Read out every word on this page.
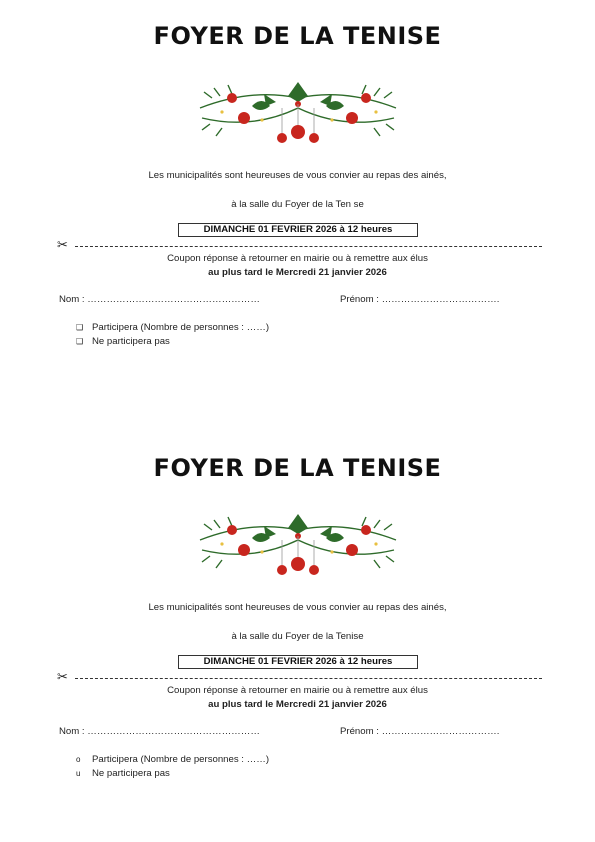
FOYER DE LA TENISE
Les municipalités sont heureuses de vous convier au repas des ainés,
à la salle du Foyer de la Ten se
DIMANCHE 01 FEVRIER 2026 à 12 heures
✂
Coupon réponse à retourner en mairie ou à remettre aux élus
au plus tard le Mercredi 21 janvier 2026
Nom : ………………………………………………	Prénom : ……………………………….
❑ Participera (Nombre de personnes : ……)
❑ Ne participera pas
FOYER DE LA TENISE
Les municipalités sont heureuses de vous convier au repas des ainés,
à la salle du Foyer de la Tenise
DIMANCHE 01 FEVRIER 2026 à 12 heures
✂
Coupon réponse à retourner en mairie ou à remettre aux élus
au plus tard le Mercredi 21 janvier 2026
Nom : ………………………………………………	Prénom : ……………………………….
o Participera (Nombre de personnes : ……)
u Ne participera pas
